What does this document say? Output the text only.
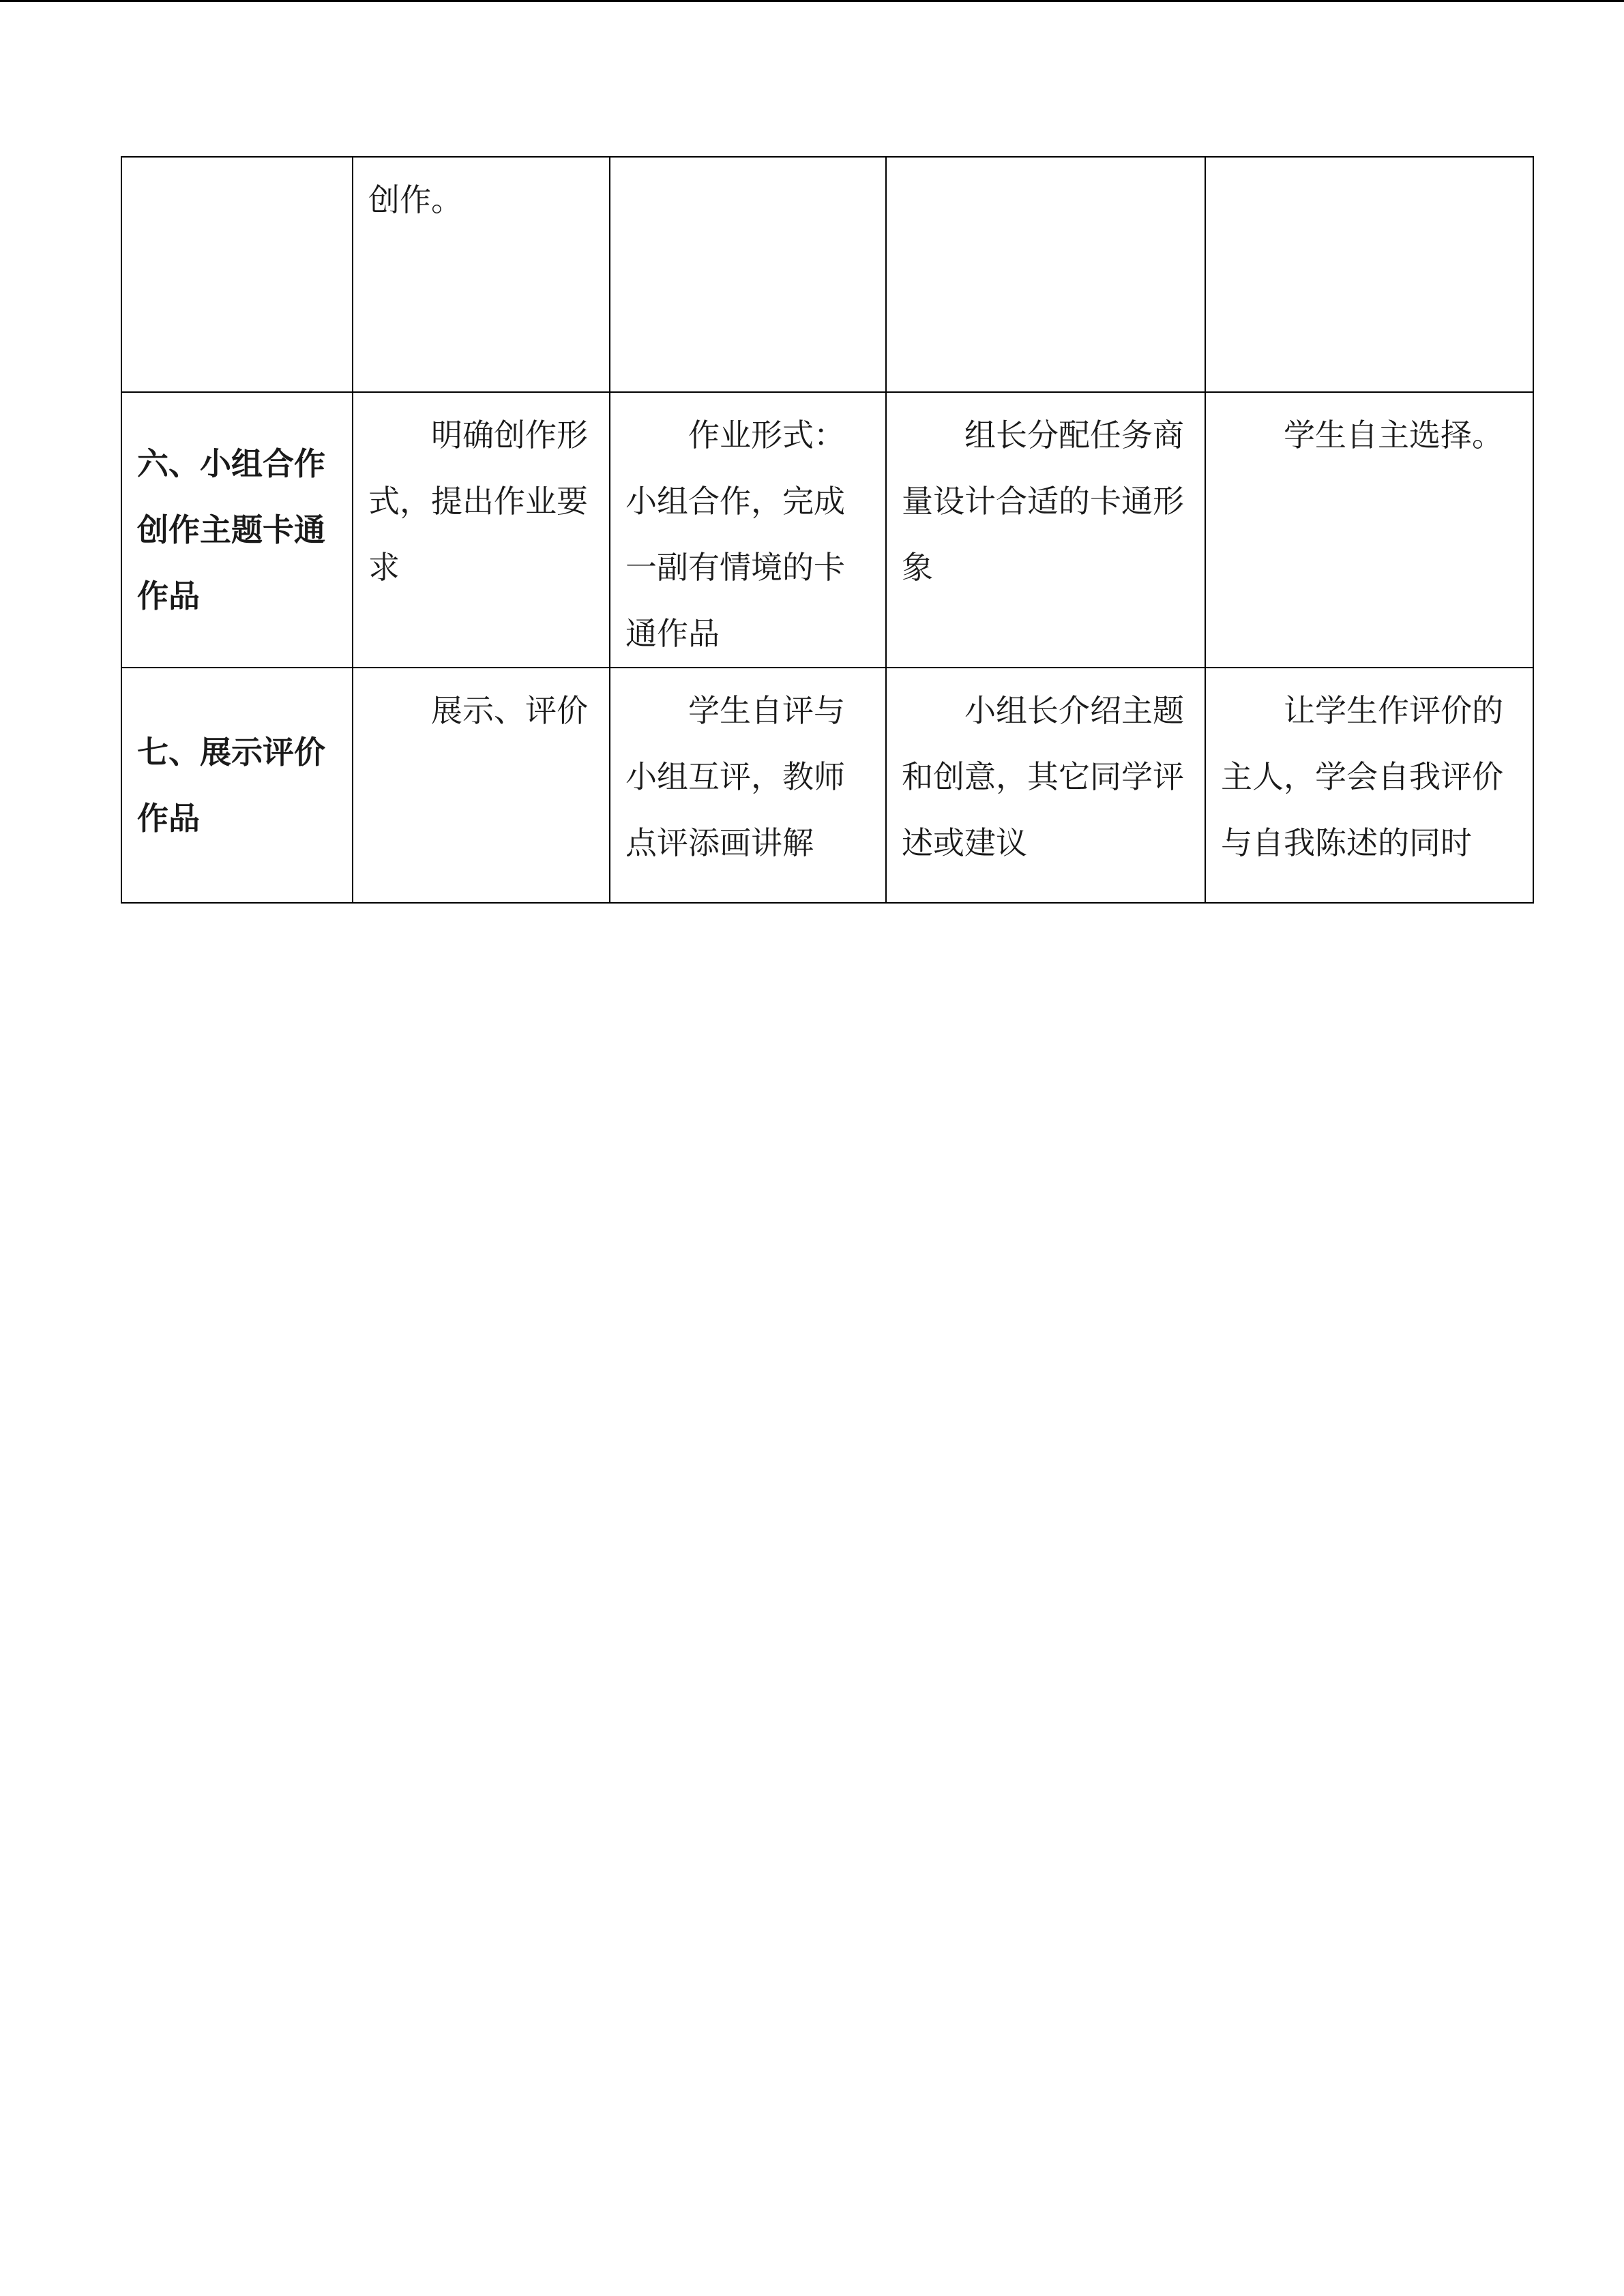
	创作。			
六、小组合作创作主题卡通作品	明确创作形式，提出作业要求	作业形式：小组合作，完成一副有情境的卡通作品	组长分配任务商量设计合适的卡通形象	学生自主选择。

七、展示评价作品	展示、评价	学生自评与小组互评，教师点评添画讲解	小组长介绍主题和创意，其它同学评述或建议	让学生作评价的主人，学会自我评价与自我陈述的同时
